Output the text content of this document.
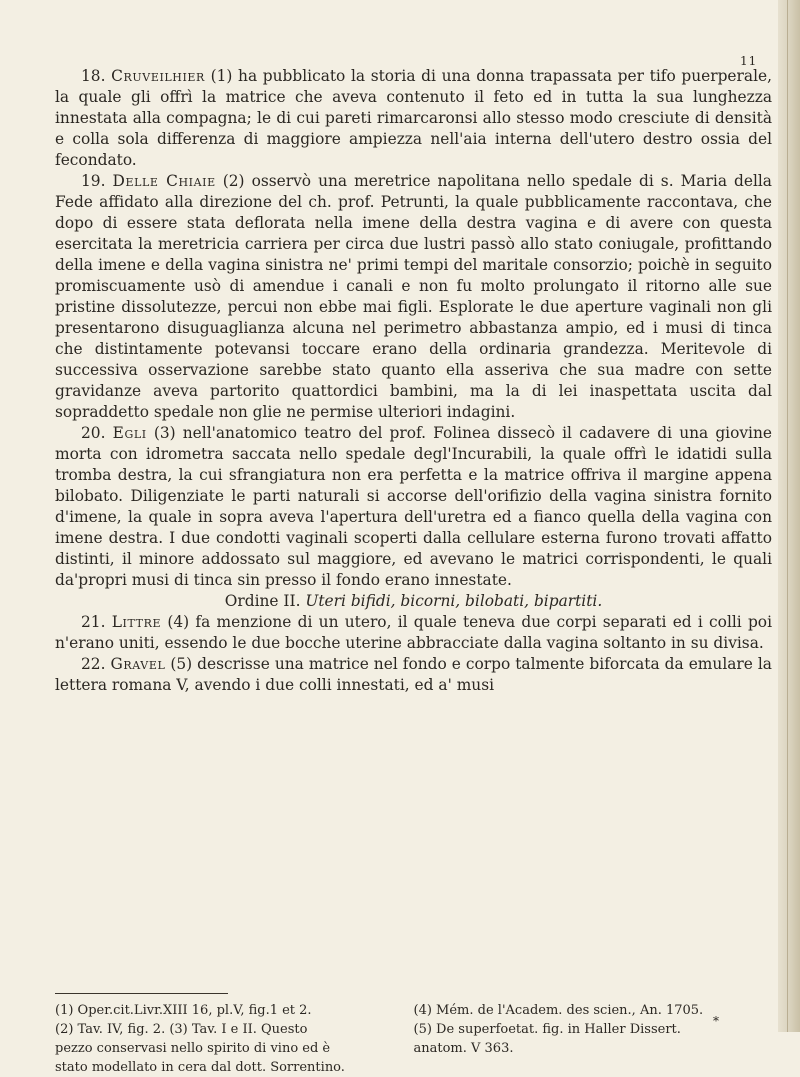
11

18. Cruveilhier (1) ha pubblicato la storia di una donna trapassata per tifo puerperale, la quale gli offrì la matrice che aveva contenuto il feto ed in tutta la sua lunghezza innestata alla compagna; le di cui pareti rimarcaronsi allo stesso modo cresciute di densità e colla sola differenza di maggiore ampiezza nell'aia interna dell'utero destro ossia del fecondato.

19. Delle Chiaie (2) osservò una meretrice napolitana nello spedale di s. Maria della Fede affidato alla direzione del ch. prof. Petrunti, la quale pubblicamente raccontava, che dopo di essere stata deflorata nella imene della destra vagina e di avere con questa esercitata la meretricia carriera per circa due lustri passò allo stato coniugale, profittando della imene e della vagina sinistra ne' primi tempi del maritale consorzio; poichè in seguito promiscuamente usò di amendue i canali e non fu molto prolungato il ritorno alle sue pristine dissolutezze, percui non ebbe mai figli. Esplorate le due aperture vaginali non gli presentarono disuguaglianza alcuna nel perimetro abbastanza ampio, ed i musi di tinca che distintamente potevansi toccare erano della ordinaria grandezza. Meritevole di successiva osservazione sarebbe stato quanto ella asseriva che sua madre con sette gravidanze aveva partorito quattordici bambini, ma la di lei inaspettata uscita dal sopraddetto spedale non glie ne permise ulteriori indagini.

20. Egli (3) nell'anatomico teatro del prof. Folinea dissecò il cadavere di una giovine morta con idrometra saccata nello spedale degl'Incurabili, la quale offrì le idatidi sulla tromba destra, la cui sfrangiatura non era perfetta e la matrice offriva il margine appena bilobato. Diligenziate le parti naturali si accorse dell'orifizio della vagina sinistra fornito d'imene, la quale in sopra aveva l'apertura dell'uretra ed a fianco quella della vagina con imene destra. I due condotti vaginali scoperti dalla cellulare esterna furono trovati affatto distinti, il minore addossato sul maggiore, ed avevano le matrici corrispondenti, le quali da'propri musi di tinca sin presso il fondo erano innestate.

Ordine II. Uteri bifidi, bicorni, bilobati, bipartiti.

21. Littre (4) fa menzione di un utero, il quale teneva due corpi separati ed i colli poi n'erano uniti, essendo le due bocche uterine abbracciate dalla vagina soltanto in su divisa.

22. Gravel (5) descrisse una matrice nel fondo e corpo talmente biforcata da emulare la lettera romana V, avendo i due colli innestati, ed a' musi

(1) Oper.cit.Livr.XIII 16, pl.V, fig.1 et 2.	(4) Mém. de l'Academ. des scien., An. 1705.
(2) Tav. IV, fig. 2. (3) Tav. I e II. Questo	(5) De superfoetat. fig. in Haller Dissert.
pezzo conservasi nello spirito di vino ed è	anatom. V 363.
stato modellato in cera dal dott. Sorrentino.
*
